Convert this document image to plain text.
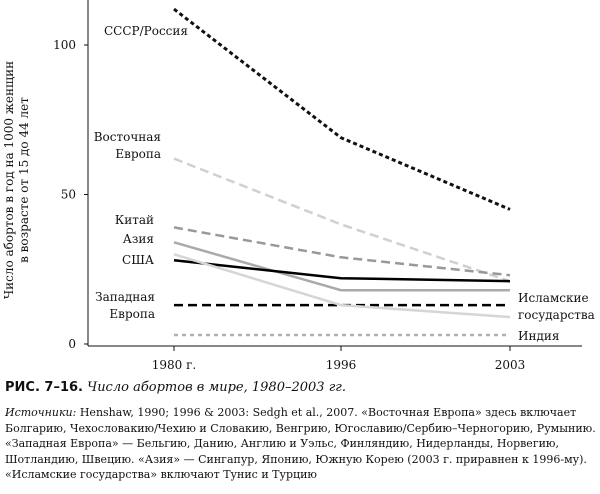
0
50
100
1980 г.	1996	2003
Число абортов в год на 1000 женщинв возрасте от 15 до 44 лет
СССР/Россия
Восточная Европа
Китай
Азия
США
Западная Европа
Исламские государства
Индия
РИС. 7–16. Число абортов в мире, 1980–2003 гг.
Источники: Henshaw, 1990; 1996 & 2003: Sedgh et al., 2007. «Восточная Европа» здесь включает Болгарию, Чехословакию/Чехию и Словакию, Венгрию, Югославию/Сербию–Черногорию, Румынию. «Западная Европа» — Бельгию, Данию, Англию и Уэльс, Финляндию, Нидерланды, Норвегию, Шотландию, Швецию. «Азия» — Сингапур, Японию, Южную Корею (2003 г. приравнен к 1996-му). «Исламские государства» включают Тунис и Турцию
